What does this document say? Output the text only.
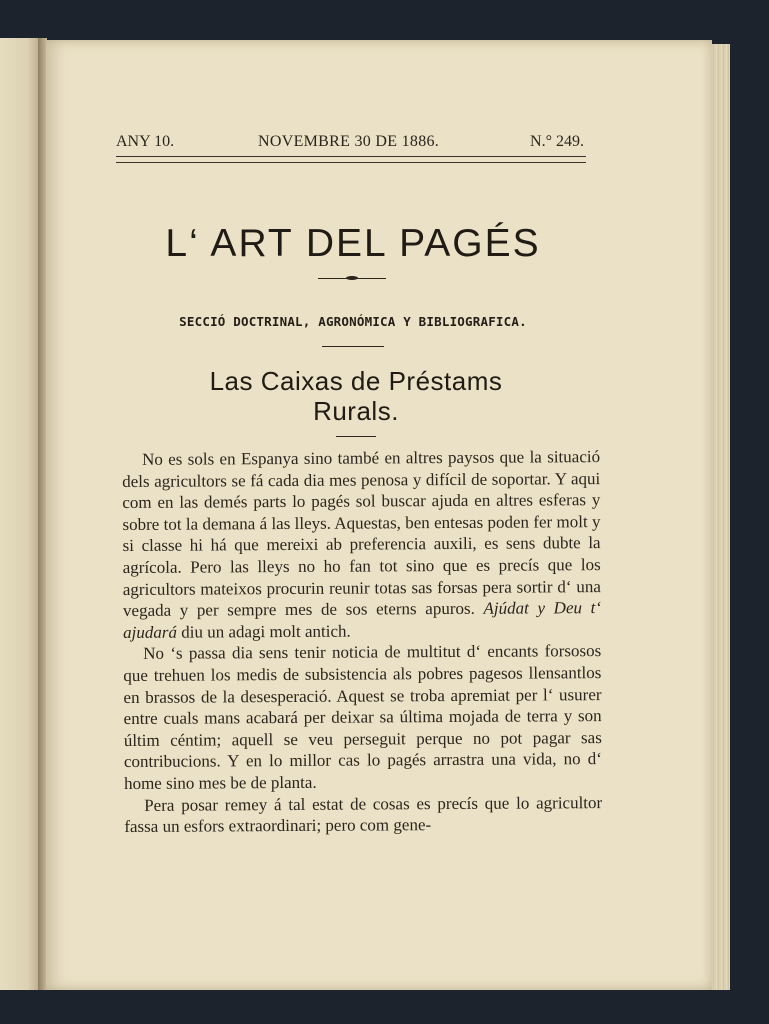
ANY 10.	NOVEMBRE 30 DE 1886.	N.° 249.
L‘ ART DEL PAGÉS
SECCIÓ DOCTRINAL, AGRONÓMICA Y BIBLIOGRAFICA.
Las Caixas de Préstams
Rurals.

No es sols en Espanya sino també en altres paysos que la situació dels agricultors se fá cada dia mes penosa y difícil de soportar. Y aqui com en las demés parts lo pagés sol buscar ajuda en altres esferas y sobre tot la demana á las lleys. Aquestas, ben entesas poden fer molt y si classe hi há que mereixi ab preferencia auxili, es sens dubte la agrícola. Pero las lleys no ho fan tot sino que es precís que los agricultors mateixos procurin reunir totas sas forsas pera sortir d‘ una vegada y per sempre mes de sos eterns apuros. Ajúdat y Deu t‘ ajudará diu un adagi molt antich.

No ‘s passa dia sens tenir noticia de multitut d‘ encants forsosos que trehuen los medis de subsistencia als pobres pagesos llensantlos en brassos de la desesperació. Aquest se troba apremiat per l‘ usurer entre cuals mans acabará per deixar sa última mojada de terra y son últim céntim; aquell se veu perseguit perque no pot pagar sas contribucions. Y en lo millor cas lo pagés arrastra una vida, no d‘ home sino mes be de planta.

Pera posar remey á tal estat de cosas es precís que lo agricultor fassa un esfors extraordinari; pero com gene-
